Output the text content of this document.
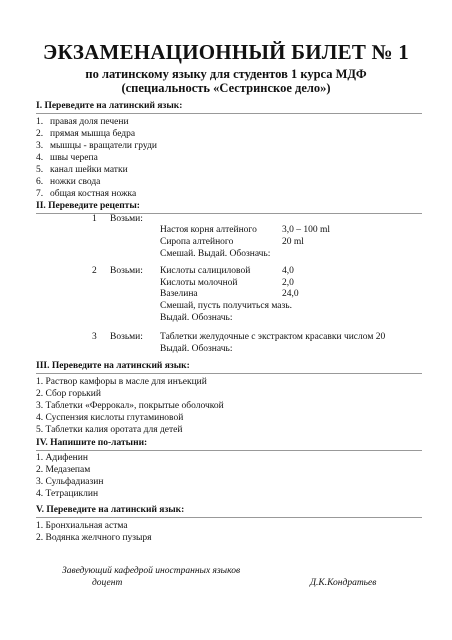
ЭКЗАМЕНАЦИОННЫЙ БИЛЕТ № 1
по латинскому языку для студентов 1 курса МДФ
(специальность «Сестринское дело»)
I. Переведите на латинский язык:
1. правая доля печени
2. прямая мышца бедра
3. мышцы - вращатели груди
4. швы черепа
5. канал шейки матки
6. ножки свода
7. общая костная ножка
II. Переведите рецепты:
1 Возьми:
Настоя корня алтейного	3,0 – 100 ml
Сиропа алтейного	20 ml
Смешай. Выдай. Обозначь:
2 Возьми: Кислоты салициловой	4,0
Кислоты молочной	2,0
Вазелина	24,0
Смешай, пусть получиться мазь.
Выдай. Обозначь:
3 Возьми: Таблетки желудочные с экстрактом красавки числом 20
Выдай. Обозначь:
III. Переведите на латинский язык:
1. Раствор камфоры в масле для инъекций
2. Сбор горький
3. Таблетки «Феррокал», покрытые оболочкой
4. Суспензия кислоты глутаминовой
5. Таблетки калия оротата для детей
IV. Напишите по-латыни:
1. Адифенин
2. Медазепам
3. Сульфадиазин
4. Тетрациклин
V. Переведите на латинский язык:
1. Бронхиальная астма
2. Водянка желчного пузыря
Заведующий кафедрой иностранных языков
доцент	Д.К.Кондратьев
